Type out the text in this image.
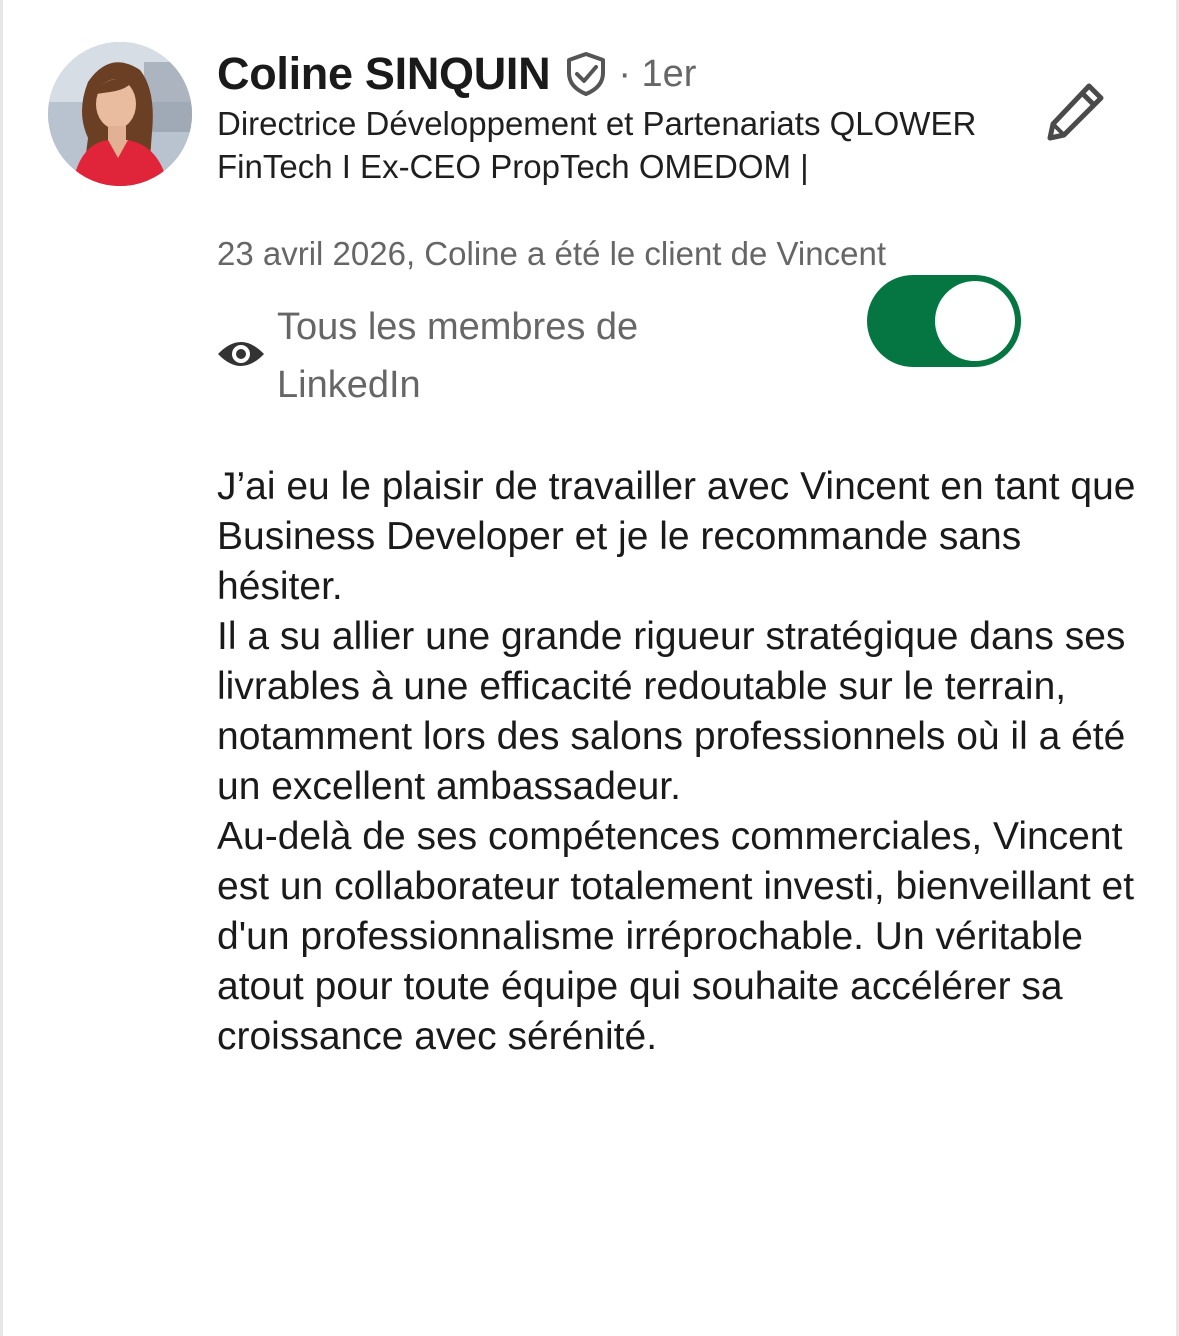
Coline SINQUIN · 1er
Directrice Développement et Partenariats QLOWER FinTech I Ex-CEO PropTech OMEDOM |
23 avril 2026, Coline a été le client de Vincent
Tous les membres de LinkedIn

J’ai eu le plaisir de travailler avec Vincent en tant que Business Developer et je le recommande sans hésiter.

Il a su allier une grande rigueur stratégique dans ses livrables à une efficacité redoutable sur le terrain, notamment lors des salons professionnels où il a été un excellent ambassadeur.

Au-delà de ses compétences commerciales, Vincent est un collaborateur totalement investi, bienveillant et d'un professionnalisme irréprochable. Un véritable atout pour toute équipe qui souhaite accélérer sa croissance avec sérénité.
